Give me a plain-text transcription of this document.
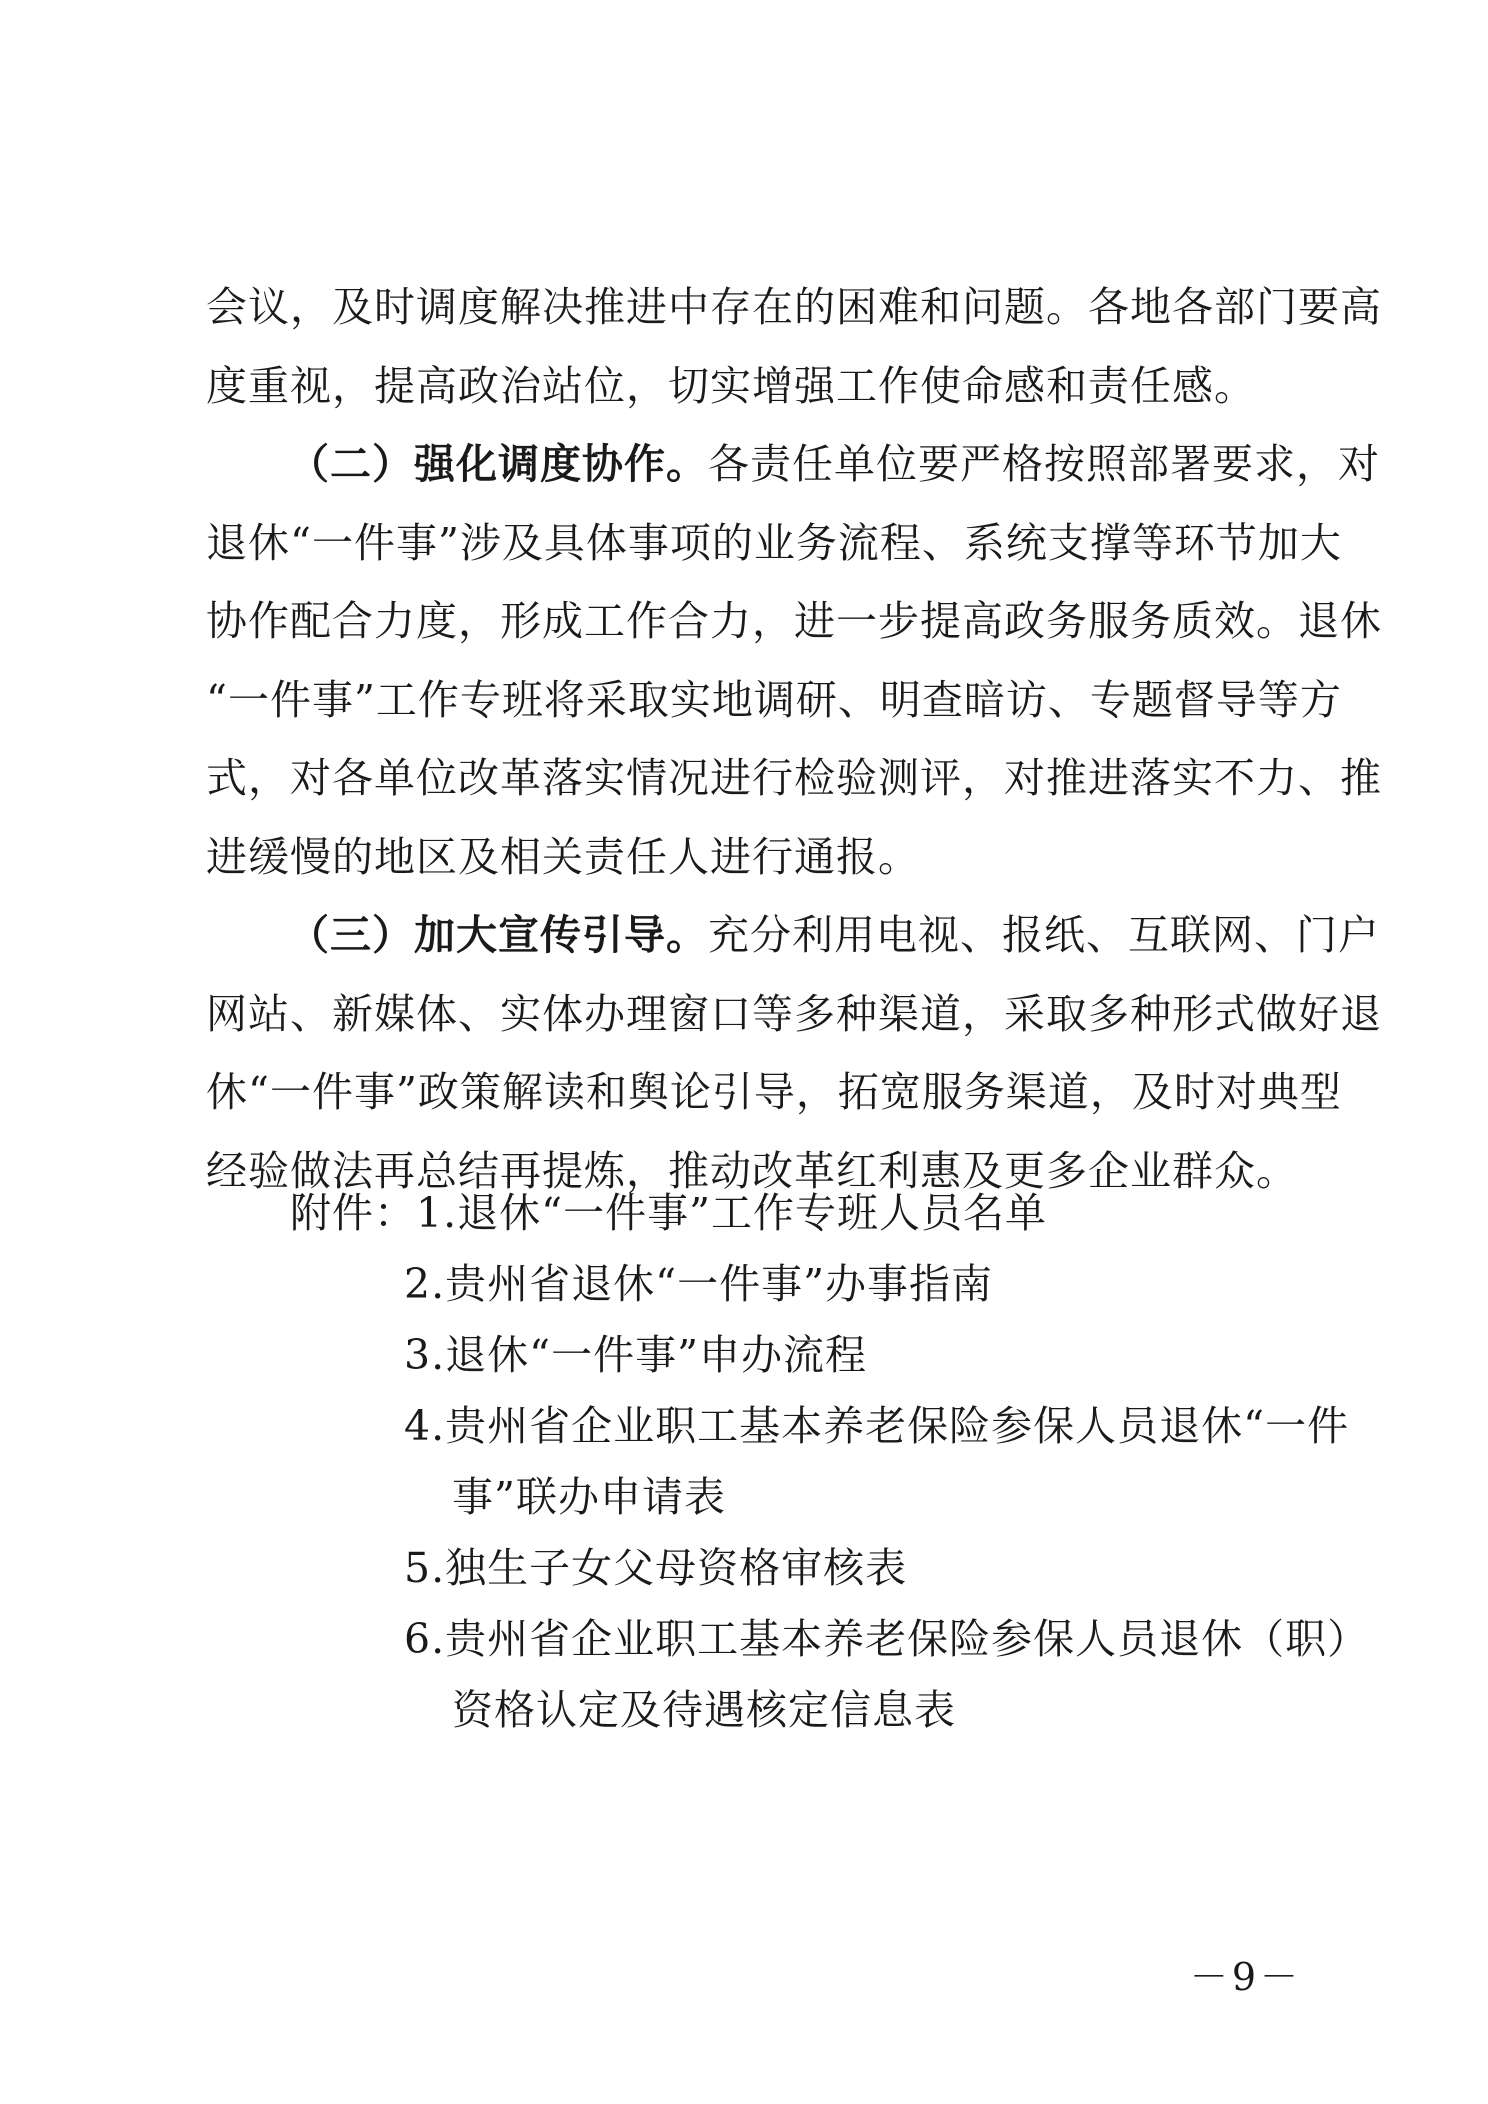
会议，及时调度解决推进中存在的困难和问题。各地各部门要高
度重视，提高政治站位，切实增强工作使命感和责任感。
（二）强化调度协作。各责任单位要严格按照部署要求，对
退休“一件事”涉及具体事项的业务流程、系统支撑等环节加大
协作配合力度，形成工作合力，进一步提高政务服务质效。退休
“一件事”工作专班将采取实地调研、明查暗访、专题督导等方
式，对各单位改革落实情况进行检验测评，对推进落实不力、推
进缓慢的地区及相关责任人进行通报。
（三）加大宣传引导。充分利用电视、报纸、互联网、门户
网站、新媒体、实体办理窗口等多种渠道，采取多种形式做好退
休“一件事”政策解读和舆论引导，拓宽服务渠道，及时对典型
经验做法再总结再提炼，推动改革红利惠及更多企业群众。
附件：1.退休“一件事”工作专班人员名单
2.贵州省退休“一件事”办事指南
3.退休“一件事”申办流程
4.贵州省企业职工基本养老保险参保人员退休“一件
事”联办申请表
5.独生子女父母资格审核表
6.贵州省企业职工基本养老保险参保人员退休（职）
资格认定及待遇核定信息表
－9－
